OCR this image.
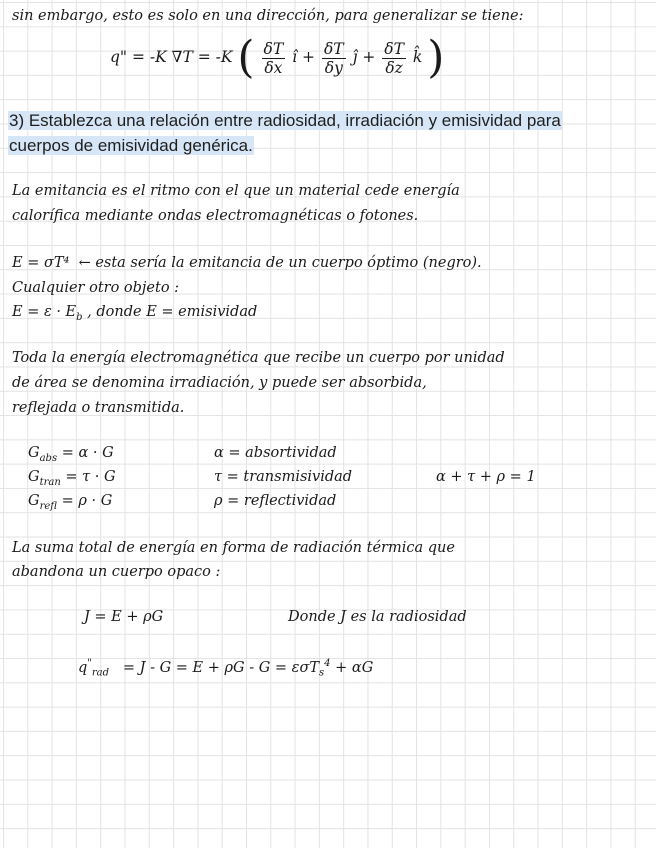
sin embargo, esto es solo en una dirección, para generalizar se tiene:
q" = -K ∇T = -K ( $\frac{\delta T}{\delta x}$ î + $\frac{\delta T}{\delta y}$ ĵ + $\frac{\delta T}{\delta z}$ k̂ )
3) Establezca una relación entre radiosidad, irradiación y emisividad para
cuerpos de emisividad genérica.
La emitancia es el ritmo con el que un material cede energía
calorífica mediante ondas electromagnéticas o fotones.
E = σT⁴ ← esta sería la emitancia de un cuerpo óptimo (negro).
Cualquier otro objeto :
$E = \varepsilon \cdot E_b$ , donde E = emisividad
Toda la energía electromagnética que recibe un cuerpo por unidad
de área se denomina irradiación, y puede ser absorbida,
reflejada o transmitida.
$G_{abs} = \alpha \cdot G$	α = absortividad
$G_{tran} = \tau \cdot G$	τ = transmisividad	α + τ + ρ = 1
$G_{refl} = \rho \cdot G$	ρ = reflectividad
La suma total de energía en forma de radiación térmica que
abandona un cuerpo opaco :
J = E + ρG	Donde J es la radiosidad
$q^"_{rad} = J - G = E + \rho G - G = \varepsilon\sigma T_s^4 + \alpha G$
